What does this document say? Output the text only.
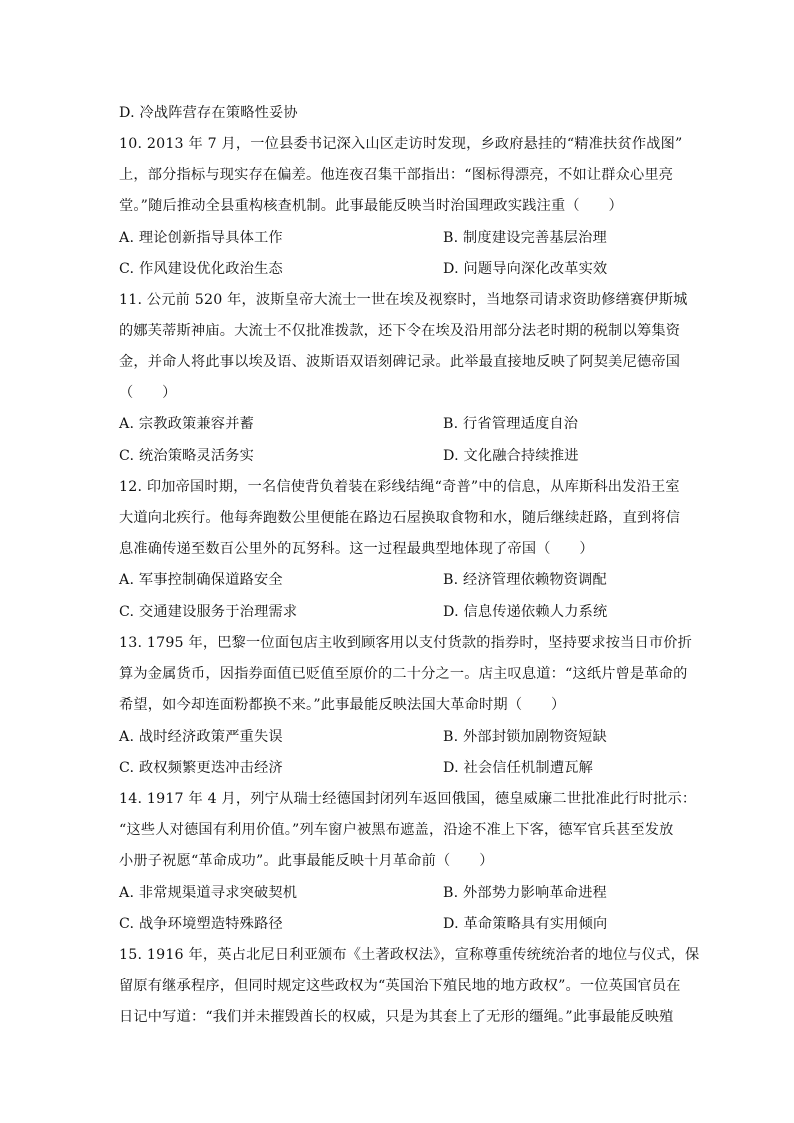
D. 冷战阵营存在策略性妥协
10. 2013 年 7 月，一位县委书记深入山区走访时发现，乡政府悬挂的“精准扶贫作战图”
上，部分指标与现实存在偏差。他连夜召集干部指出：“图标得漂亮，不如让群众心里亮
堂。”随后推动全县重构核查机制。此事最能反映当时治国理政实践注重（　　）
A. 理论创新指导具体工作	B. 制度建设完善基层治理
C. 作风建设优化政治生态	D. 问题导向深化改革实效
11. 公元前 520 年，波斯皇帝大流士一世在埃及视察时，当地祭司请求资助修缮赛伊斯城
的娜芙蒂斯神庙。大流士不仅批准拨款，还下令在埃及沿用部分法老时期的税制以筹集资
金，并命人将此事以埃及语、波斯语双语刻碑记录。此举最直接地反映了阿契美尼德帝国
（　　）
A. 宗教政策兼容并蓄	B. 行省管理适度自治
C. 统治策略灵活务实	D. 文化融合持续推进
12. 印加帝国时期，一名信使背负着装在彩线结绳“奇普”中的信息，从库斯科出发沿王室
大道向北疾行。他每奔跑数公里便能在路边石屋换取食物和水，随后继续赶路，直到将信
息准确传递至数百公里外的瓦努科。这一过程最典型地体现了帝国（　　）
A. 军事控制确保道路安全	B. 经济管理依赖物资调配
C. 交通建设服务于治理需求	D. 信息传递依赖人力系统
13. 1795 年，巴黎一位面包店主收到顾客用以支付货款的指券时，坚持要求按当日市价折
算为金属货币，因指券面值已贬值至原价的二十分之一。店主叹息道：“这纸片曾是革命的
希望，如今却连面粉都换不来。”此事最能反映法国大革命时期（　　）
A. 战时经济政策严重失误	B. 外部封锁加剧物资短缺
C. 政权频繁更迭冲击经济	D. 社会信任机制遭瓦解
14. 1917 年 4 月，列宁从瑞士经德国封闭列车返回俄国，德皇威廉二世批准此行时批示：
“这些人对德国有利用价值。”列车窗户被黑布遮盖，沿途不准上下客，德军官兵甚至发放
小册子祝愿“革命成功”。此事最能反映十月革命前（　　）
A. 非常规渠道寻求突破契机	B. 外部势力影响革命进程
C. 战争环境塑造特殊路径	D. 革命策略具有实用倾向
15. 1916 年，英占北尼日利亚颁布《土著政权法》，宣称尊重传统统治者的地位与仪式，保
留原有继承程序，但同时规定这些政权为“英国治下殖民地的地方政权”。一位英国官员在
日记中写道：“我们并未摧毁酋长的权威，只是为其套上了无形的缰绳。”此事最能反映殖
